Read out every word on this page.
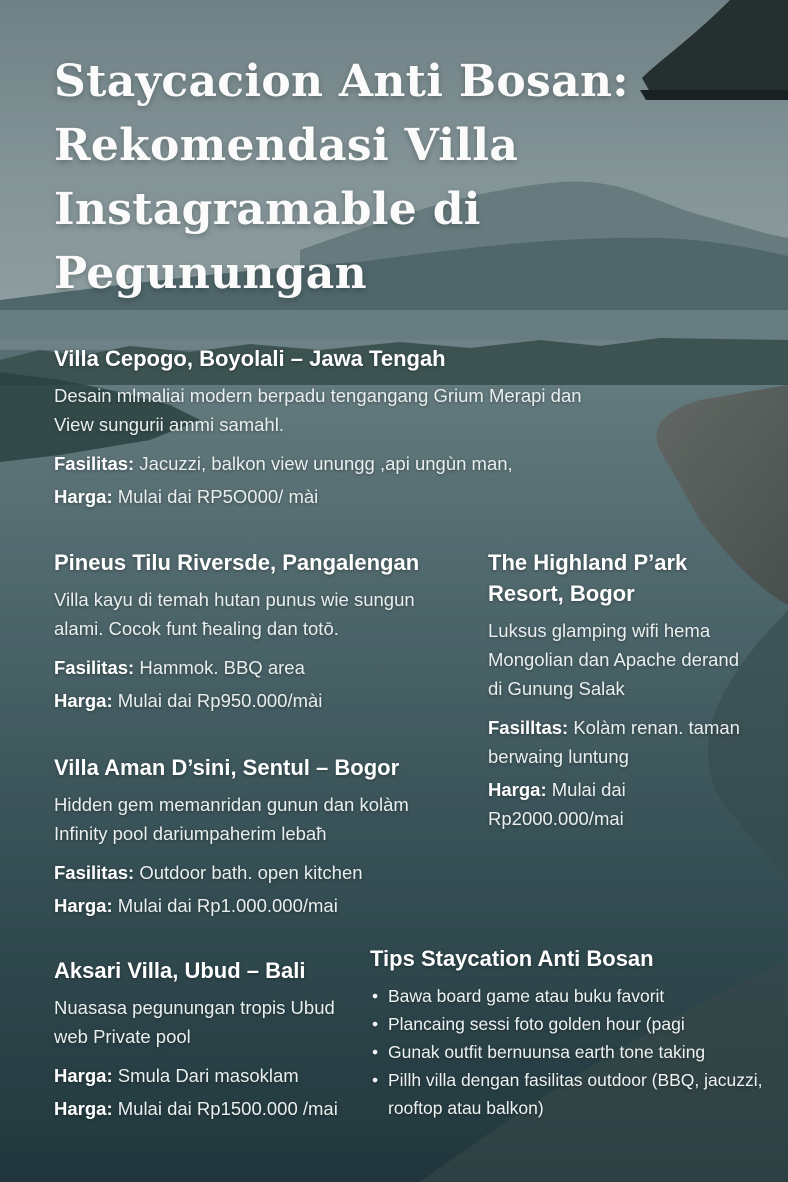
Staycacion Anti Bosan: Rekomendasi Villa Instagramable di Pegunungan
Villa Cepogo, Boyolali – Jawa Tengah

Desain mlmaliai modern berpadu tengangang Grium Merapi dan View sungurii ammi samahl.

Fasilitas: Jacuzzi, balkon view unungg ,api ungùn man,

Harga: Mulai dai RP5O000/ mài

Pineus Tilu Riversde, Pangalengan

Villa kayu di temah hutan punus wie sungun alami. Cocok funt ħealing dan totō.

Fasilitas: Hammok. BBQ area

Harga: Mulai dai Rp950.000/mài

The Highland P’ark Resort, Bogor

Luksus glamping wifi hema Mongolian dan Apache derand di Gunung Salak

Fasilltas: Kolàm renan. taman berwaing luntung

Harga: Mulai dai Rp2000.000/mai

Villa Aman D’sini, Sentul – Bogor

Hidden gem memanridan gunun dan kolàm Infinity pool dariumpaherim lebaħ

Fasilitas: Outdoor bath. open kitchen

Harga: Mulai dai Rp1.000.000/mai

Aksari Villa, Ubud – Bali

Nuasasa pegunungan tropis Ubud web Private pool

Harga: Smula Dari masoklam

Harga: Mulai dai Rp1500.000 /mai

Tips Staycation Anti Bosan
• Bawa board game atau buku favorit
• Plancaing sessi foto golden hour (pagi
• Gunak outfit bernuunsa earth tone taking
• Pillh villa dengan fasilitas outdoor (BBQ, jacuzzi, rooftop atau balkon)
